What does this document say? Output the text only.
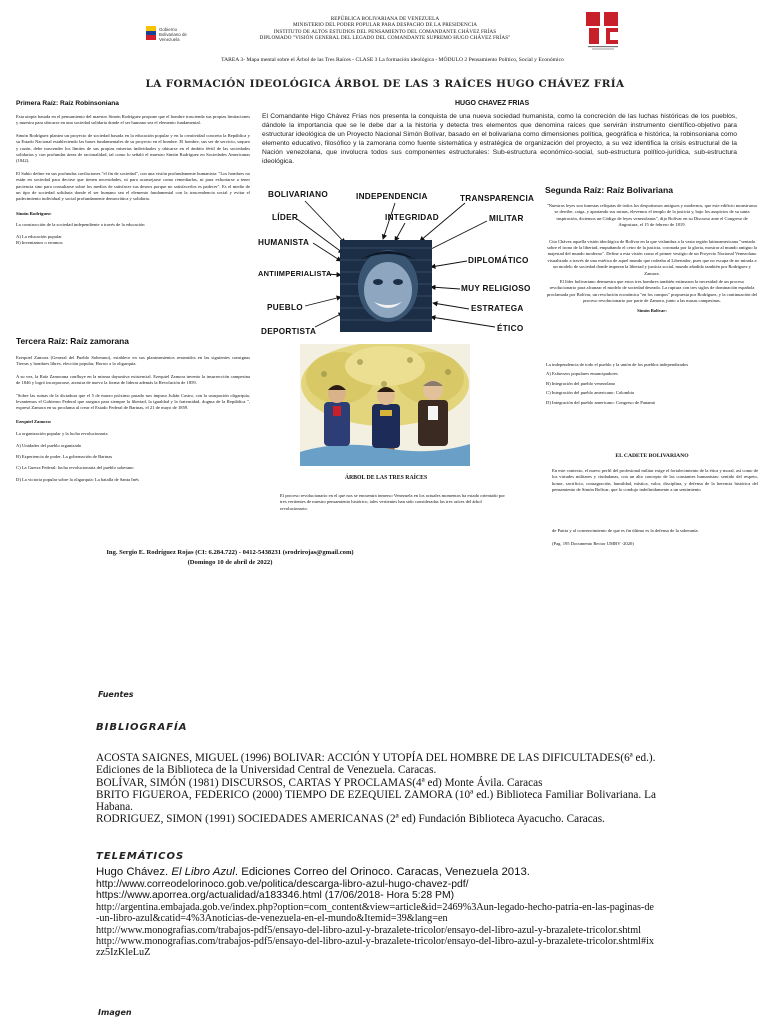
Gobierno Bolivariano de Venezuela
REPÚBLICA BOLIVARIANA DE VENEZUELA
MINISTERIO DEL PODER POPULAR PARA DESPACHO DE LA PRESIDENCIA
INSTITUTO DE ALTOS ESTUDIOS DEL PENSAMIENTO DEL COMANDANTE CHÁVEZ FRÍAS
DIPLOMADO "VISIÓN GENERAL DEL LEGADO DEL COMANDANTE SUPREMO HUGO CHÁVEZ FRÍAS"
TAREA 3- Mapa mental sobre el Árbol de las Tres Raíces - CLASE 3 La formación ideológica - MÓDULO 2 Pensamiento Político, Social y Económico
LA FORMACIÓN IDEOLÓGICA ÁRBOL DE LAS 3 RAÍCES HUGO CHÁVEZ FRÍA
Primera Raíz: Raíz Robinsoniana

Esta utopía basada en el pensamiento del maestro Simón Rodríguez propone que el hombre trascienda sus propias limitaciones y muestra para ubicarse en una sociedad solidaria donde el ser humano sea el elemento fundamental.

Simón Rodríguez plantea un proyecto de sociedad basada en la educación popular y en la creatividad concreta la República y su Estado Nacional estableciendo las bases fundamentales de su proyecto en el hombre. El hombre, sus ser de servicio, saqueo y razón, debe trascender los límites de sus propias miserias individuales y ubicarse en el ámbito fértil de las sociedades solidarias y con profundas áreas de racionalidad, tal como lo señaló el maestro Simón Rodríguez en Sociedades Americanas (1842).

El Sabio define en sus profundas cavilaciones "el fin de sociedad", con una visión profundamente humanista: "Los hombres no están en sociedad para decirse que tienen necesidades, ni para aconsejarse como remediarlas, ni para exhortarse a tener paciencia sino para consultarse sobre los medios de satisfacer sus deseos porque no satisfacerlos es padecer". Es el medio de un tipo de sociedad solidaria donde el ser humano sea el elemento fundamental con la trascendencia social y evitar el padecimiento individual y social profundamente democrática y solidaria.

Simón Rodríguez:
La construcción de la sociedad independiente a través de la educación
A) La educación popular
B) Inventamos o erramos
Tercera Raíz: Raíz zamorana

Ezequiel Zamora (General del Pueblo Soberano), establece en sus planteamientos resumidos en las siguientes consignas Tierras y hombres libres, elección popular, Horror a la oligarquía.

A su vez, la Raíz Zamorana confluye en la misma dayuntiva existencial. Ezequiel Zamora invento la insurrección campesina de 1846 y logró incorporarse, arrastra de nuevo la forma de liderar además la Revolución de 1859.

"Sobre las ruinas de la dictadura que el 5 de marzo próximo pasado nos impuso Julián Castro, con la usurpación oligarquía, levantemos el Gobierno Federal que asegura para siempre la libertad, la igualdad y la fraternidad, dogma de la República ", expresó Zamora en su proclama al crear el Estado Federal de Barinas, el 21 de mayo de 1859.

Ezequiel Zamora:
La organización popular y la lucha revolucionaria
A) Unidades del pueblo organizado
B) Experiencia de poder. La gobernación de Barinas
C) La Guerra Federal: lucha revolucionaria del pueblo soberano
D) La victoria popular sobre la oligarquía: La batalla de Santa Inés
Ing. Sergio E. Rodríguez Rojas (CI: 6.284.722) - 0412-5438231 (srodrirojas@gmail.com)
(Domingo 10 de abril de 2022)
HUGO CHAVEZ FRIAS

El Comandante Higo Chávez Frías nos presenta la conquista de una nueva sociedad humanista, como la concreción de las luchas históricas de los pueblos, dándole la importancia que se le debe dar a la historia y detecta tres elementos que denomina raíces que servirán instrumento científico-objetivo para estructurar ideológica de un Proyecto Nacional Simón Bolívar, basado en el bolivariana como dimensiones política, geográfica e histórica, la robinsoniana como elemento educativo, filosófico y la zamorana como fuente sistemática y estratégica de organización del proyecto, a su vez identifica la crisis estructural de la Nación venezolana, que involucra todos sus componentes estructurales: Sub-estructura económico-social, sub-estructura político-jurídica, sub-estructura ideológica.

BOLIVARIANO	INDEPENDENCIA	TRANSPARENCIA
LÍDER	INTEGRIDAD	MILITAR
HUMANISTA
DIPLOMÁTICO
ANTIIMPERIALISTA
MUY RELIGIOSO
PUEBLO	ESTRATEGA
DEPORTISTA	ÉTICO
ÁRBOL DE LAS TRES RAÍCES

El proceso revolucionario en el que nos se encuentra inmerso Venezuela en los actuales momentos ha estado orientado por tres vertientes de nuestro pensamiento histórico, tales vertientes han sido consideradas las tres raíces del árbol revolucionario.

Segunda Raíz: Raíz Bolivariana

"Nuestras leyes son funestas reliquias de todos los despotismos antiguos y modernos, que este edificio monstruoso se derribe, caiga, y apartando sus ruinas, elevemos el templo de la justicia y, bajo los auspicios de su santa inspiración, dictemos un Código de leyes venezolanas", dijo Bolívar en su Discurso ante el Congreso de Angostura, el 15 de febrero de 1819.

Cita Chávez aquella visión ideológica de Bolívar en la que vislumbra a la vasta región latinoamericana "sentada sobre el trono de la libertad, empuñando el cetro de la justicia, coronada por la gloria, mostrar al mundo antiguo la majestad del mundo moderno". Define a esta visión como el primer vestigio de un Proyecto Nacional Venezolano visualizado a través de una estética de aquel mundo que rodeaba al Libertador, pues que no escapa de no mirada a un modelo de sociedad donde imperan la libertad y justicia social, mundo añadido también por Rodríguez y Zamora.

El líder bolivariano demuestra que estos tres hombres también estimaron la necesidad de un proceso revolucionario para alcanzar el modelo de sociedad deseado. La ruptura con tres siglos de dominación española proclamada por Bolívar, un revolución económica "en los campos" propuesta por Rodríguez, y la continuación del proceso revolucionario por parte de Zamora, junto a las masas campesinas.

Simón Bolívar:
La independencia de todo el pueblo y la unión de los pueblos independizados
A) Esfuerzos populares emancipadores
B) Integración del pueblo venezolano
C) Integración del pueblo americano: Colombia
D) Integración del pueblo americano: Congreso de Panamá
EL CADETE BOLIVARIANO

En este contexto, el nuevo perfil del profesional militar exige el fortalecimiento de la ética y moral, así como de los virtudes militares y ciudadanas, con un alto concepto de las constantes humanistas: sentido del respeto, honor, sacrificio, consagración, humildad, mística, valor, disciplina, y defensa de la herencia histórica del pensamiento de Simón Bolívar, que lo condujo indefinidamente a un sentimiento

de Patria y al convencimiento de que es fin último es la defensa de la soberanía.

(Pag. 195 Documento Rector UMBV -2020)

Fuentes
BIBLIOGRAFÍA

ACOSTA SAIGNES, MIGUEL (1996) BOLIVAR: ACCIÓN Y UTOPÍA DEL HOMBRE DE LAS DIFICULTADES(6ª ed.). Ediciones de la Biblioteca de la Universidad Central de Venezuela. Caracas.

BOLÍVAR, SIMÓN (1981) DISCURSOS, CARTAS Y PROCLAMAS(4ª ed) Monte Ávila. Caracas

BRITO FIGUEROA, FEDERICO (2000) TIEMPO DE EZEQUIEL ZAMORA (10ª ed.) Biblioteca Familiar Bolivariana. La Habana.

RODRIGUEZ, SIMON (1991) SOCIEDADES AMERICANAS (2ª ed) Fundación Biblioteca Ayacucho. Caracas.

TELEMÁTICOS

Hugo Chávez. El Libro Azul. Ediciones Correo del Orinoco. Caracas, Venezuela 2013.

http://www.correodelorinoco.gob.ve/politica/descarga-libro-azul-hugo-chavez-pdf/

https://www.aporrea.org/actualidad/a183346.html (17/06/2018- Hora 5:28 PM)

http://argentina.embajada.gob.ve/index.php?option=com_content&view=article&id=2469%3Aun-legado-hecho-patria-en-las-paginas-de-un-libro-azul&catid=4%3Anoticias-de-venezuela-en-el-mundo&Itemid=39&lang=en

http://www.monografias.com/trabajos-pdf5/ensayo-del-libro-azul-y-brazalete-tricolor/ensayo-del-libro-azul-y-brazalete-tricolor.shtml

http://www.monografias.com/trabajos-pdf5/ensayo-del-libro-azul-y-brazalete-tricolor/ensayo-del-libro-azul-y-brazalete-tricolor.shtml#ixzz5IzKleLuZ

Imagen
